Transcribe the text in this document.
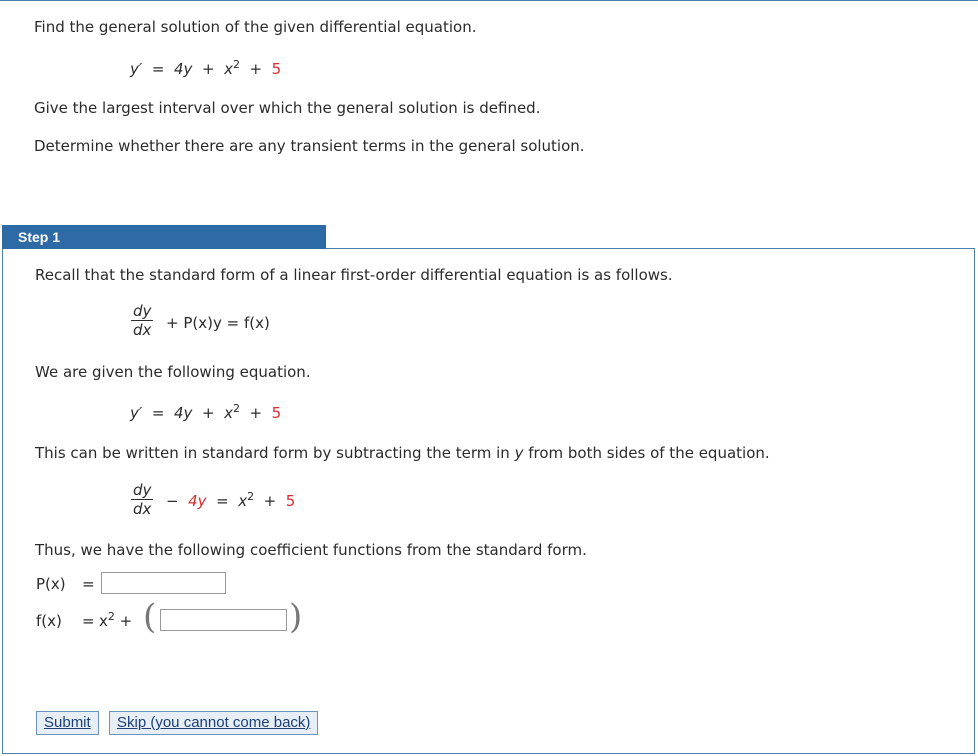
Find the general solution of the given differential equation.
$y' = 4y + x^2 + 5$
Give the largest interval over which the general solution is defined.
Determine whether there are any transient terms in the general solution.
Step 1
Recall that the standard form of a linear first-order differential equation is as follows.
dy
dx + P(x)y = f(x)
We are given the following equation.
$y' = 4y + x^2 + 5$
This can be written in standard form by subtracting the term in y from both sides of the equation.
dy
dx − $4y = x^2 + 5$
Thus, we have the following coefficient functions from the standard form.
P(x) =
$f(x) = x^2$ + (	)
Submit	Skip (you cannot come back)
